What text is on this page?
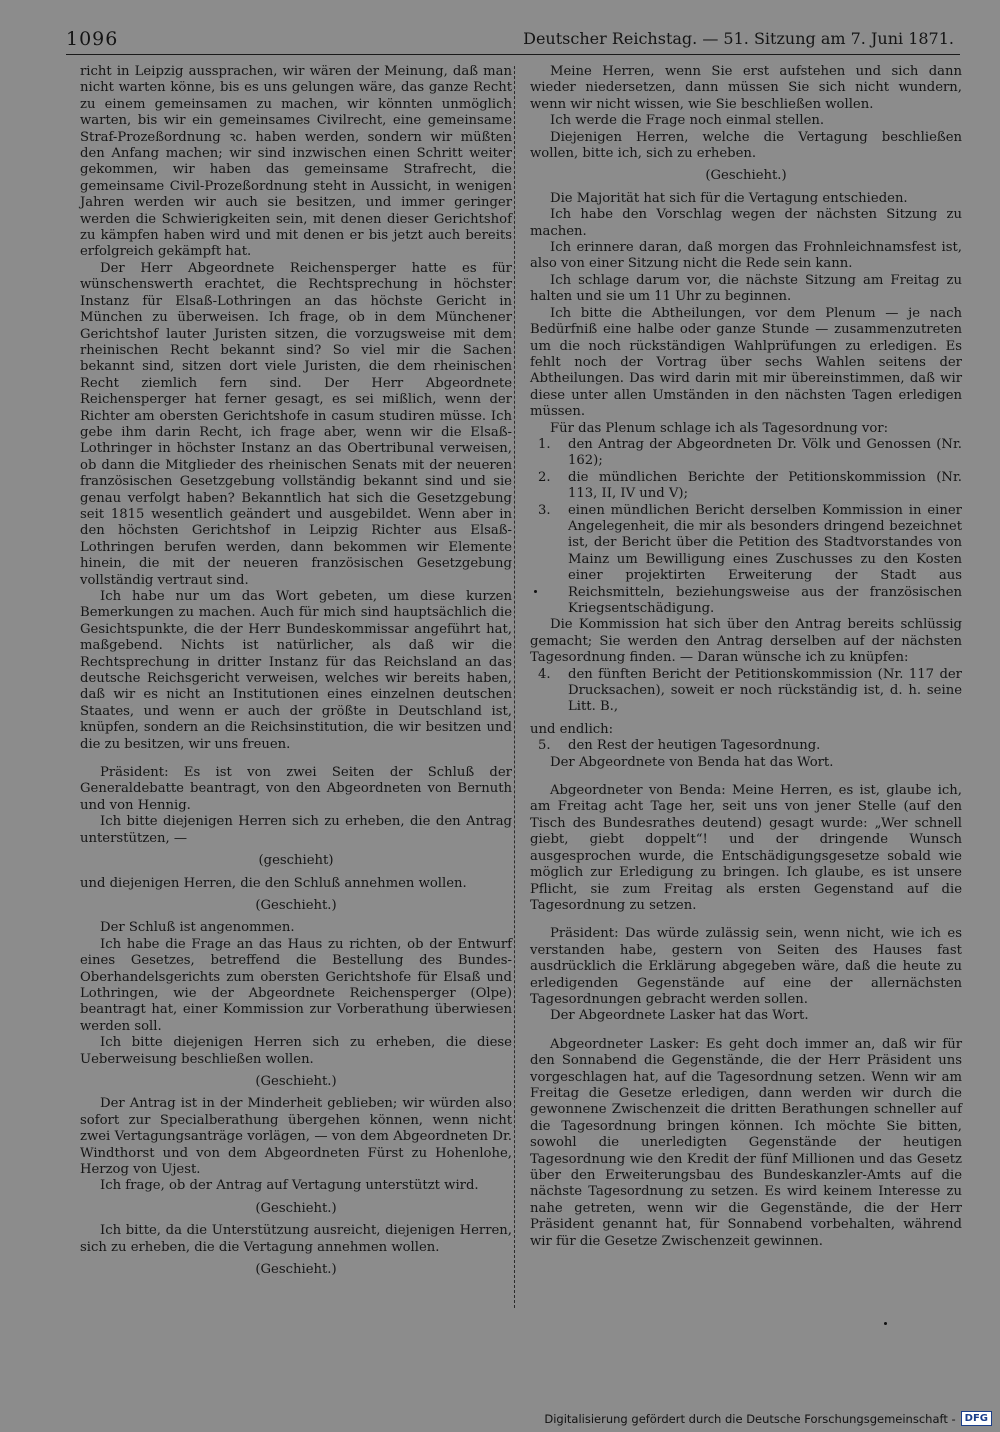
1096	Deutscher Reichstag. — 51. Sitzung am 7. Juni 1871.

richt in Leipzig aussprachen, wir wären der Meinung, daß man nicht warten könne, bis es uns gelungen wäre, das ganze Recht zu einem gemeinsamen zu machen, wir könnten unmöglich warten, bis wir ein gemeinsames Civilrecht, eine gemeinsame Straf-Prozeßordnung ꝛc. haben werden, sondern wir müßten den Anfang machen; wir sind inzwischen einen Schritt weiter gekommen, wir haben das gemeinsame Strafrecht, die gemeinsame Civil-Prozeßordnung steht in Aussicht, in wenigen Jahren werden wir auch sie besitzen, und immer geringer werden die Schwierigkeiten sein, mit denen dieser Gerichtshof zu kämpfen haben wird und mit denen er bis jetzt auch bereits erfolgreich gekämpft hat.

Der Herr Abgeordnete Reichensperger hatte es für wünschenswerth erachtet, die Rechtsprechung in höchster Instanz für Elsaß-Lothringen an das höchste Gericht in München zu überweisen. Ich frage, ob in dem Münchener Gerichtshof lauter Juristen sitzen, die vorzugsweise mit dem rheinischen Recht bekannt sind? So viel mir die Sachen bekannt sind, sitzen dort viele Juristen, die dem rheinischen Recht ziemlich fern sind. Der Herr Abgeordnete Reichensperger hat ferner gesagt, es sei mißlich, wenn der Richter am obersten Gerichtshofe in casum studiren müsse. Ich gebe ihm darin Recht, ich frage aber, wenn wir die Elsaß-Lothringer in höchster Instanz an das Obertribunal verweisen, ob dann die Mitglieder des rheinischen Senats mit der neueren französischen Gesetzgebung vollständig bekannt sind und sie genau verfolgt haben? Bekanntlich hat sich die Gesetzgebung seit 1815 wesentlich geändert und ausgebildet. Wenn aber in den höchsten Gerichtshof in Leipzig Richter aus Elsaß-Lothringen berufen werden, dann bekommen wir Elemente hinein, die mit der neueren französischen Gesetzgebung vollständig vertraut sind.

Ich habe nur um das Wort gebeten, um diese kurzen Bemerkungen zu machen. Auch für mich sind hauptsächlich die Gesichtspunkte, die der Herr Bundeskommissar angeführt hat, maßgebend. Nichts ist natürlicher, als daß wir die Rechtsprechung in dritter Instanz für das Reichsland an das deutsche Reichsgericht verweisen, welches wir bereits haben, daß wir es nicht an Institutionen eines einzelnen deutschen Staates, und wenn er auch der größte in Deutschland ist, knüpfen, sondern an die Reichsinstitution, die wir besitzen und die zu besitzen, wir uns freuen.

Präsident: Es ist von zwei Seiten der Schluß der Generaldebatte beantragt, von den Abgeordneten von Bernuth und von Hennig.

Ich bitte diejenigen Herren sich zu erheben, die den Antrag unterstützen, —

(geschieht)

und diejenigen Herren, die den Schluß annehmen wollen.

(Geschieht.)

Der Schluß ist angenommen.

Ich habe die Frage an das Haus zu richten, ob der Entwurf eines Gesetzes, betreffend die Bestellung des Bundes-Oberhandelsgerichts zum obersten Gerichtshofe für Elsaß und Lothringen, wie der Abgeordnete Reichensperger (Olpe) beantragt hat, einer Kommission zur Vorberathung überwiesen werden soll.

Ich bitte diejenigen Herren sich zu erheben, die diese Ueberweisung beschließen wollen.

(Geschieht.)

Der Antrag ist in der Minderheit geblieben; wir würden also sofort zur Specialberathung übergehen können, wenn nicht zwei Vertagungsanträge vorlägen, — von dem Abgeordneten Dr. Windthorst und von dem Abgeordneten Fürst zu Hohenlohe, Herzog von Ujest.

Ich frage, ob der Antrag auf Vertagung unterstützt wird.

(Geschieht.)

Ich bitte, da die Unterstützung ausreicht, diejenigen Herren, sich zu erheben, die die Vertagung annehmen wollen.

(Geschieht.)

Meine Herren, wenn Sie erst aufstehen und sich dann wieder niedersetzen, dann müssen Sie sich nicht wundern, wenn wir nicht wissen, wie Sie beschließen wollen.

Ich werde die Frage noch einmal stellen.

Diejenigen Herren, welche die Vertagung beschließen wollen, bitte ich, sich zu erheben.

(Geschieht.)

Die Majorität hat sich für die Vertagung entschieden.

Ich habe den Vorschlag wegen der nächsten Sitzung zu machen.

Ich erinnere daran, daß morgen das Frohnleichnamsfest ist, also von einer Sitzung nicht die Rede sein kann.

Ich schlage darum vor, die nächste Sitzung am Freitag zu halten und sie um 11 Uhr zu beginnen.

Ich bitte die Abtheilungen, vor dem Plenum — je nach Bedürfniß eine halbe oder ganze Stunde — zusammenzutreten um die noch rückständigen Wahlprüfungen zu erledigen. Es fehlt noch der Vortrag über sechs Wahlen seitens der Abtheilungen. Das wird darin mit mir übereinstimmen, daß wir diese unter allen Umständen in den nächsten Tagen erledigen müssen.

Für das Plenum schlage ich als Tagesordnung vor:

1. den Antrag der Abgeordneten Dr. Völk und Genossen (Nr. 162);
2. die mündlichen Berichte der Petitionskommission (Nr. 113, II, IV und V);
3. einen mündlichen Bericht derselben Kommission in einer Angelegenheit, die mir als besonders dringend bezeichnet ist, der Bericht über die Petition des Stadtvorstandes von Mainz um Bewilligung eines Zuschusses zu den Kosten einer projektirten Erweiterung der Stadt aus Reichsmitteln, beziehungsweise aus der französischen Kriegsentschädigung.

Die Kommission hat sich über den Antrag bereits schlüssig gemacht; Sie werden den Antrag derselben auf der nächsten Tagesordnung finden. — Daran wünsche ich zu knüpfen:

4. den fünften Bericht der Petitionskommission (Nr. 117 der Drucksachen), soweit er noch rückständig ist, d. h. seine Litt. B.,

und endlich:

5. den Rest der heutigen Tagesordnung.

Der Abgeordnete von Benda hat das Wort.

Abgeordneter von Benda: Meine Herren, es ist, glaube ich, am Freitag acht Tage her, seit uns von jener Stelle (auf den Tisch des Bundesrathes deutend) gesagt wurde: „Wer schnell giebt, giebt doppelt“! und der dringende Wunsch ausgesprochen wurde, die Entschädigungsgesetze sobald wie möglich zur Erledigung zu bringen. Ich glaube, es ist unsere Pflicht, sie zum Freitag als ersten Gegenstand auf die Tagesordnung zu setzen.

Präsident: Das würde zulässig sein, wenn nicht, wie ich es verstanden habe, gestern von Seiten des Hauses fast ausdrücklich die Erklärung abgegeben wäre, daß die heute zu erledigenden Gegenstände auf eine der allernächsten Tagesordnungen gebracht werden sollen.

Der Abgeordnete Lasker hat das Wort.

Abgeordneter Lasker: Es geht doch immer an, daß wir für den Sonnabend die Gegenstände, die der Herr Präsident uns vorgeschlagen hat, auf die Tagesordnung setzen. Wenn wir am Freitag die Gesetze erledigen, dann werden wir durch die gewonnene Zwischenzeit die dritten Berathungen schneller auf die Tagesordnung bringen können. Ich möchte Sie bitten, sowohl die unerledigten Gegenstände der heutigen Tagesordnung wie den Kredit der fünf Millionen und das Gesetz über den Erweiterungsbau des Bundeskanzler-Amts auf die nächste Tagesordnung zu setzen. Es wird keinem Interesse zu nahe getreten, wenn wir die Gegenstände, die der Herr Präsident genannt hat, für Sonnabend vorbehalten, während wir für die Gesetze Zwischenzeit gewinnen.

Digitalisierung gefördert durch die Deutsche Forschungsgemeinschaft - DFG
